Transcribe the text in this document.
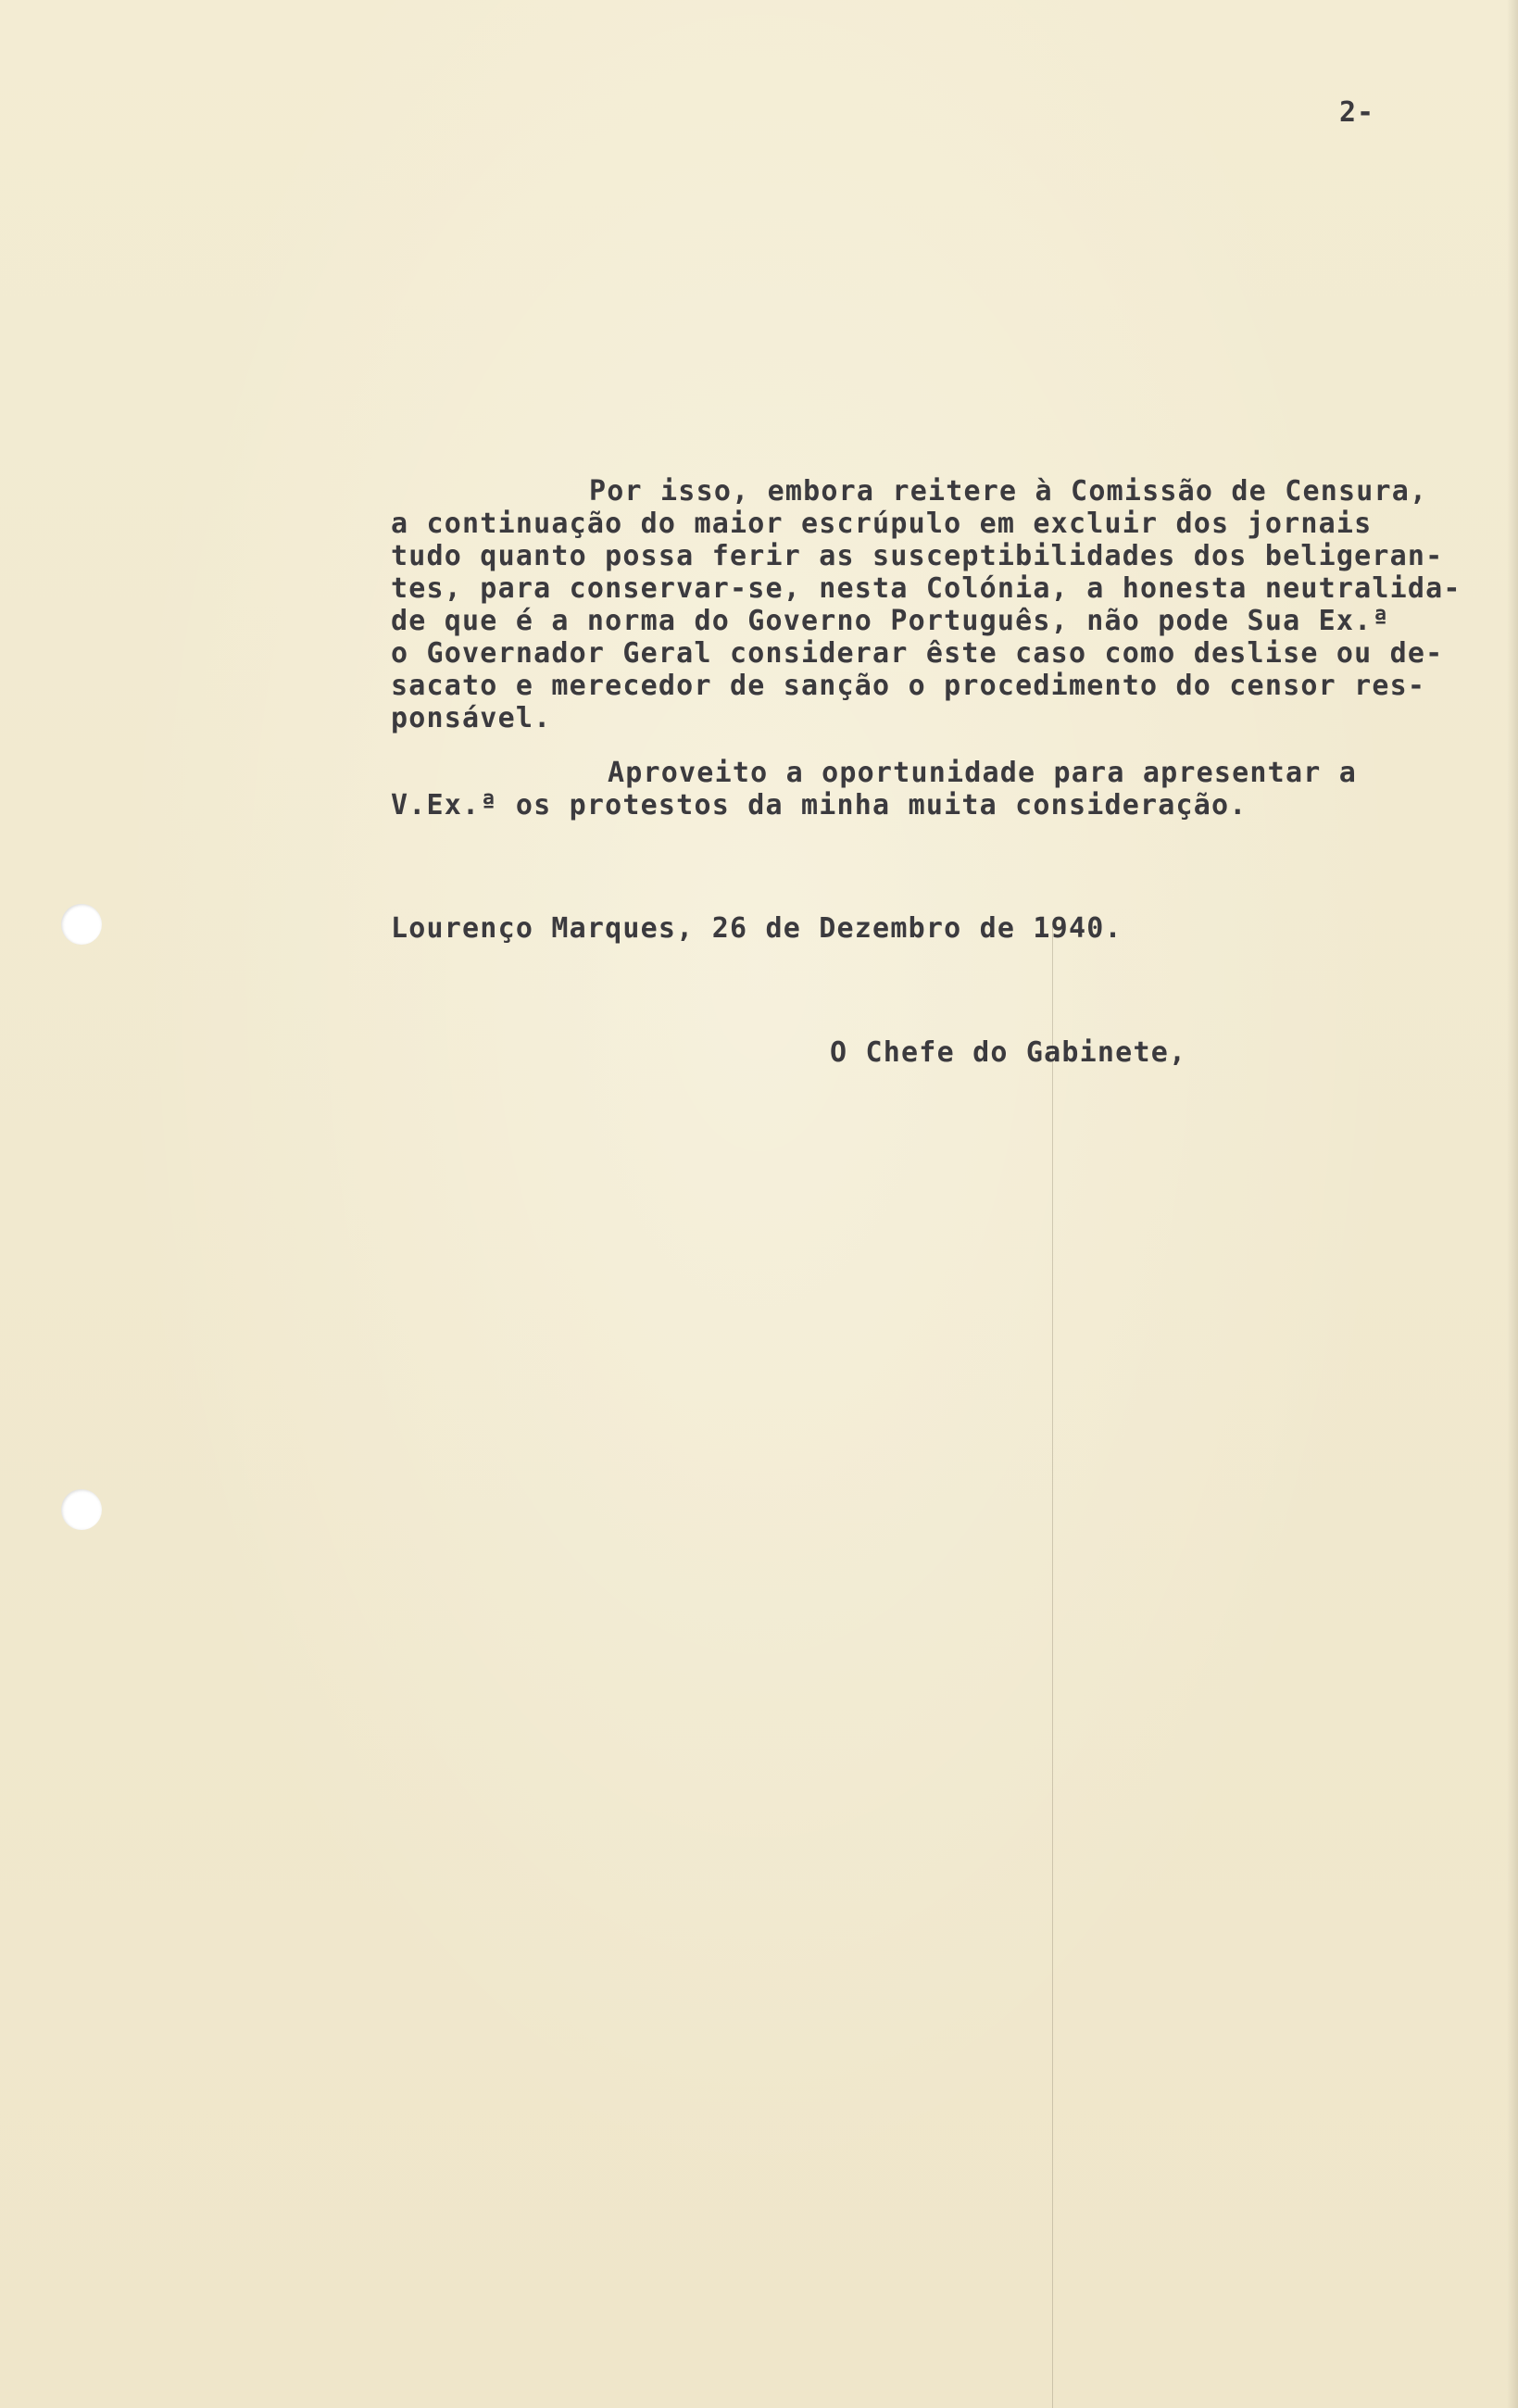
2-
Por isso, embora reitere à Comissão de Censura,
a continuação do maior escrúpulo em excluir dos jornais
tudo quanto possa ferir as susceptibilidades dos beligeran-
tes, para conservar-se, nesta Colónia, a honesta neutralida-
de que é a norma do Governo Português, não pode Sua Ex.ª
o Governador Geral considerar êste caso como deslise ou de-
sacato e merecedor de sanção o procedimento do censor res-
ponsável.
Aproveito a oportunidade para apresentar a
V.Ex.ª os protestos da minha muita consideração.
Lourenço Marques, 26 de Dezembro de 1940.
O Chefe do Gabinete,
